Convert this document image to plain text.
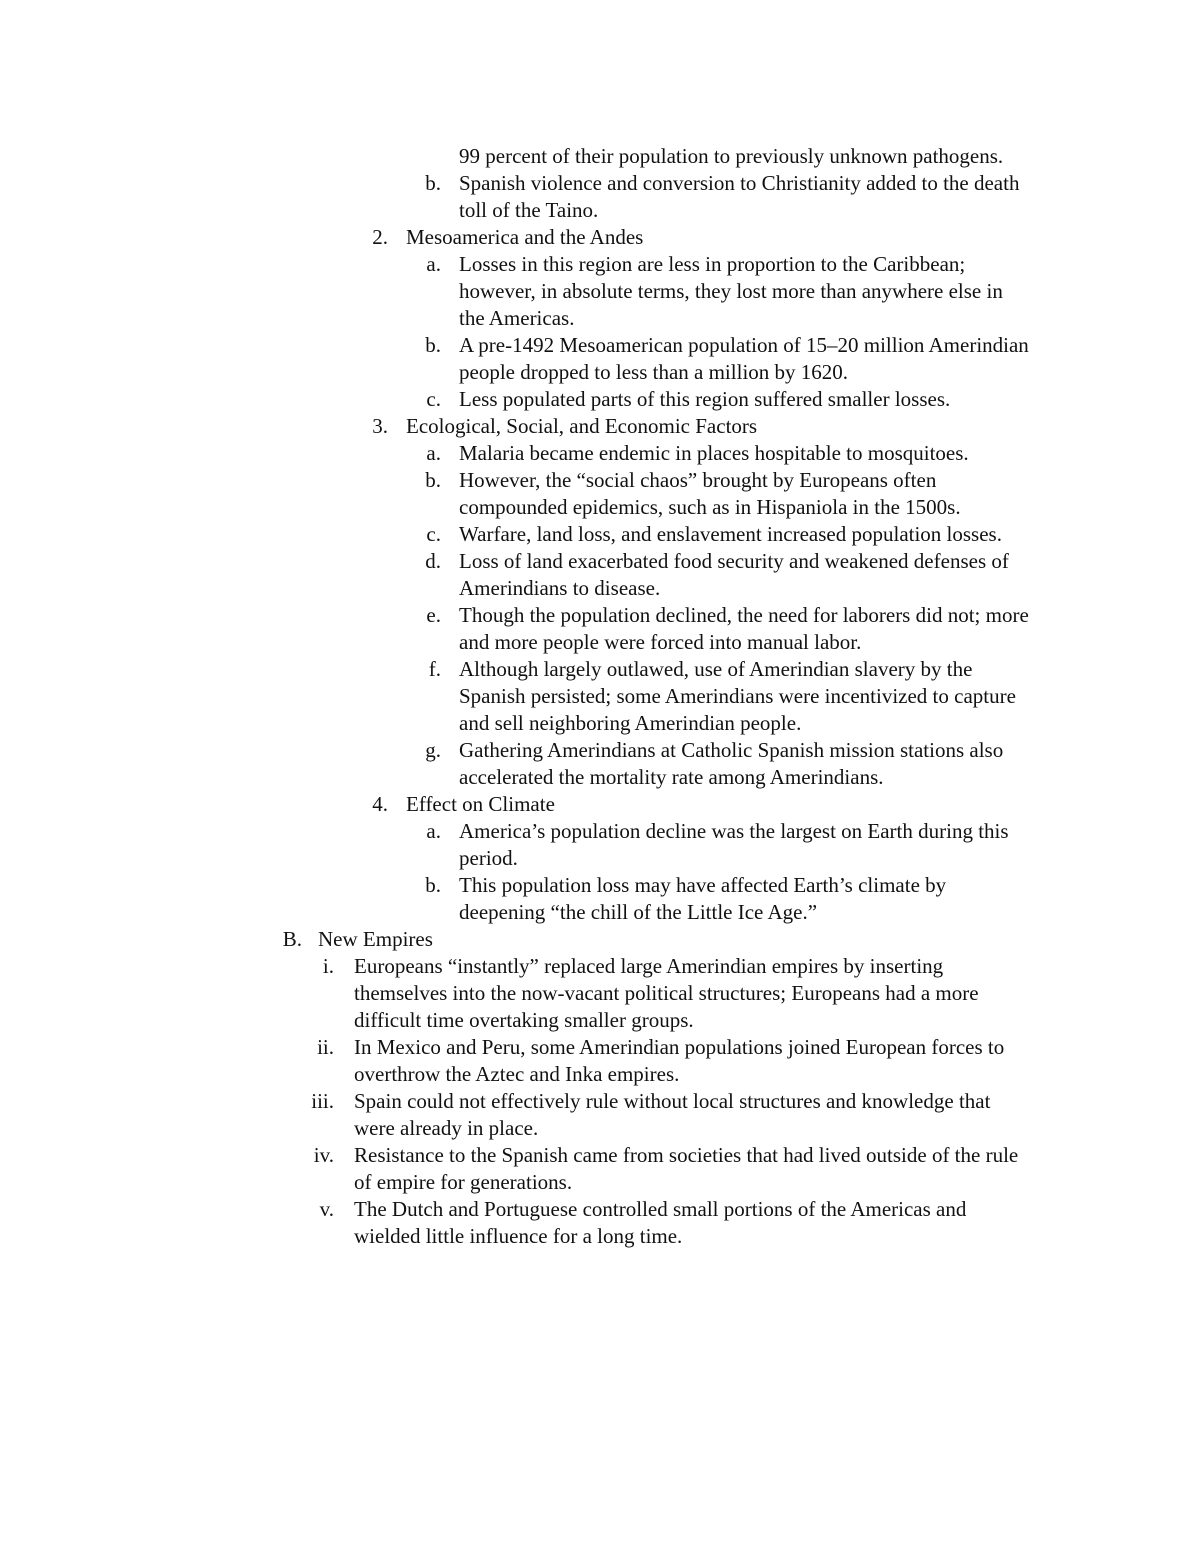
99 percent of their population to previously unknown pathogens.
b. Spanish violence and conversion to Christianity added to the death toll of the Taino.
2. Mesoamerica and the Andes
a. Losses in this region are less in proportion to the Caribbean; however, in absolute terms, they lost more than anywhere else in the Americas.
b. A pre-1492 Mesoamerican population of 15–20 million Amerindian people dropped to less than a million by 1620.
c. Less populated parts of this region suffered smaller losses.
3. Ecological, Social, and Economic Factors
a. Malaria became endemic in places hospitable to mosquitoes.
b. However, the “social chaos” brought by Europeans often compounded epidemics, such as in Hispaniola in the 1500s.
c. Warfare, land loss, and enslavement increased population losses.
d. Loss of land exacerbated food security and weakened defenses of Amerindians to disease.
e. Though the population declined, the need for laborers did not; more and more people were forced into manual labor.
f. Although largely outlawed, use of Amerindian slavery by the Spanish persisted; some Amerindians were incentivized to capture and sell neighboring Amerindian people.
g. Gathering Amerindians at Catholic Spanish mission stations also accelerated the mortality rate among Amerindians.
4. Effect on Climate
a. America’s population decline was the largest on Earth during this period.
b. This population loss may have affected Earth’s climate by deepening “the chill of the Little Ice Age.”
B. New Empires
i. Europeans “instantly” replaced large Amerindian empires by inserting themselves into the now-vacant political structures; Europeans had a more difficult time overtaking smaller groups.
ii. In Mexico and Peru, some Amerindian populations joined European forces to overthrow the Aztec and Inka empires.
iii. Spain could not effectively rule without local structures and knowledge that were already in place.
iv. Resistance to the Spanish came from societies that had lived outside of the rule of empire for generations.
v. The Dutch and Portuguese controlled small portions of the Americas and wielded little influence for a long time.
